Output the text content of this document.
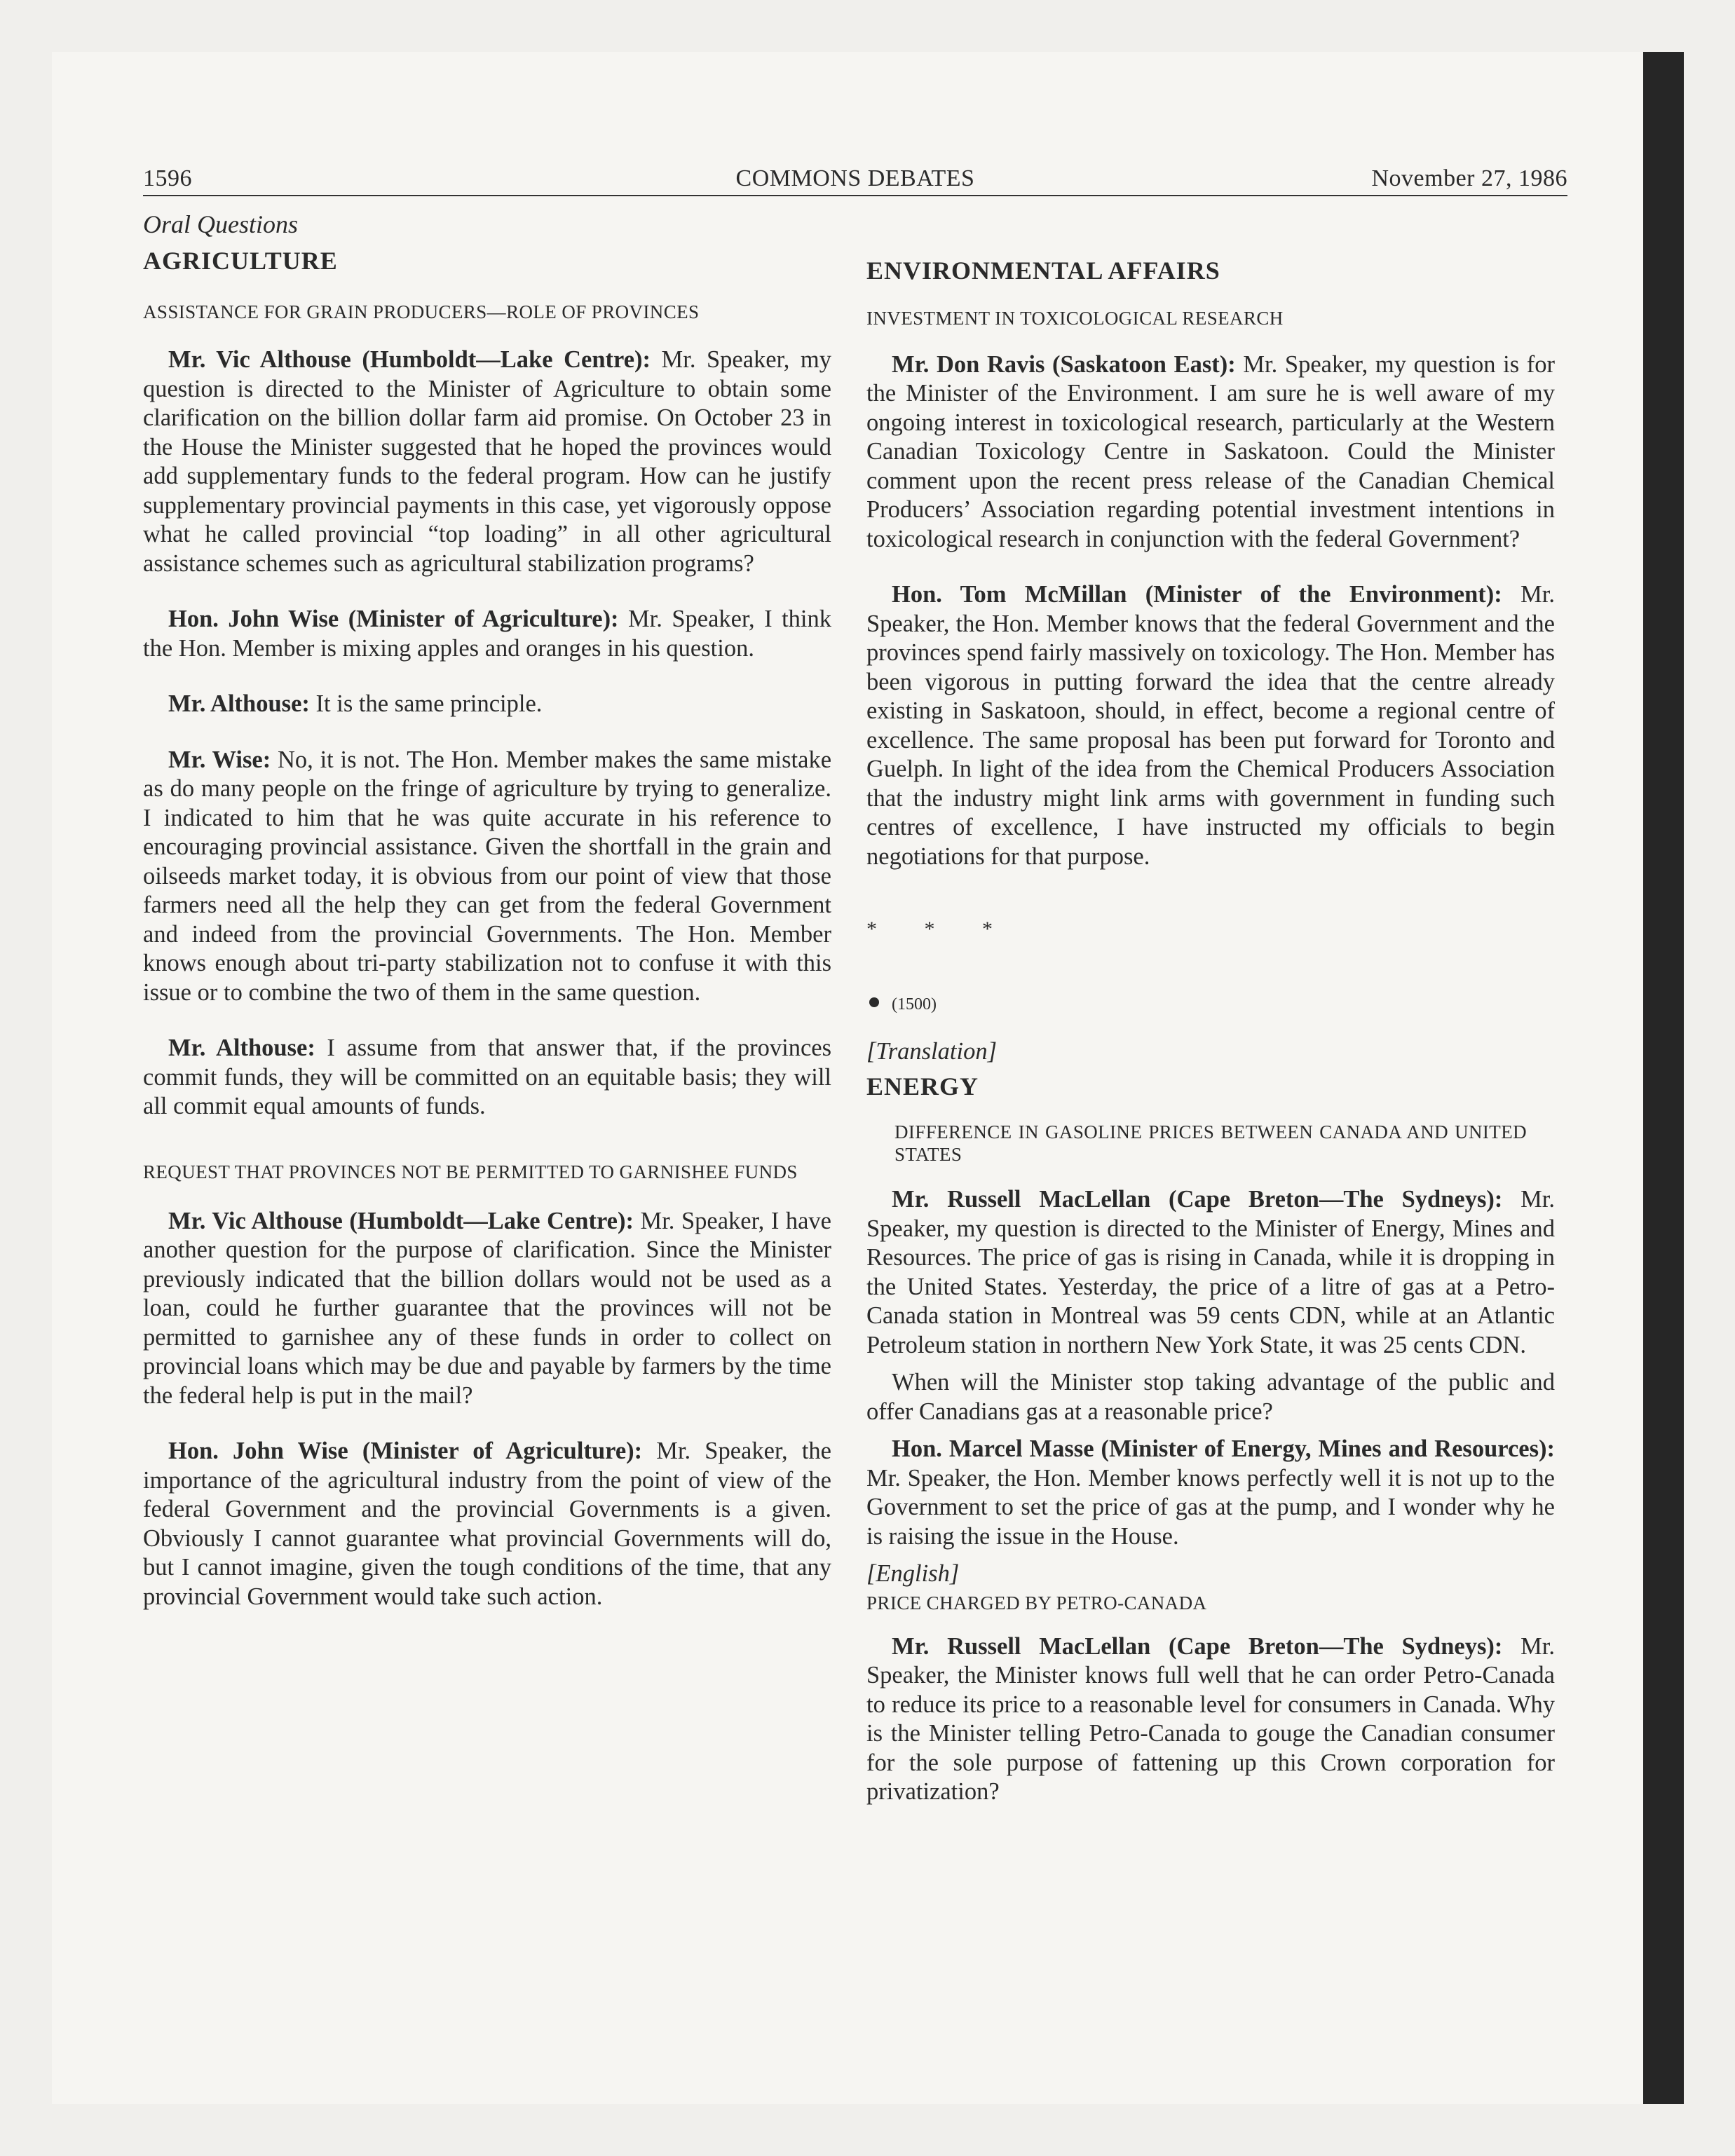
1596	COMMONS DEBATES	November 27, 1986

Oral Questions

AGRICULTURE

ASSISTANCE FOR GRAIN PRODUCERS—ROLE OF PROVINCES

Mr. Vic Althouse (Humboldt—Lake Centre): Mr. Speaker, my question is directed to the Minister of Agriculture to obtain some clarification on the billion dollar farm aid promise. On October 23 in the House the Minister suggested that he hoped the provinces would add supplementary funds to the federal program. How can he justify supplementary provincial payments in this case, yet vigorously oppose what he called provincial “top loading” in all other agricultural assistance schemes such as agricultural stabilization programs?

Hon. John Wise (Minister of Agriculture): Mr. Speaker, I think the Hon. Member is mixing apples and oranges in his question.

Mr. Althouse: It is the same principle.

Mr. Wise: No, it is not. The Hon. Member makes the same mistake as do many people on the fringe of agriculture by trying to generalize. I indicated to him that he was quite accurate in his reference to encouraging provincial assistance. Given the shortfall in the grain and oilseeds market today, it is obvious from our point of view that those farmers need all the help they can get from the federal Government and indeed from the provincial Governments. The Hon. Member knows enough about tri-party stabilization not to confuse it with this issue or to combine the two of them in the same question.

Mr. Althouse: I assume from that answer that, if the provinces commit funds, they will be committed on an equitable basis; they will all commit equal amounts of funds.

REQUEST THAT PROVINCES NOT BE PERMITTED TO GARNISHEE FUNDS

Mr. Vic Althouse (Humboldt—Lake Centre): Mr. Speaker, I have another question for the purpose of clarification. Since the Minister previously indicated that the billion dollars would not be used as a loan, could he further guarantee that the provinces will not be permitted to garnishee any of these funds in order to collect on provincial loans which may be due and payable by farmers by the time the federal help is put in the mail?

Hon. John Wise (Minister of Agriculture): Mr. Speaker, the importance of the agricultural industry from the point of view of the federal Government and the provincial Governments is a given. Obviously I cannot guarantee what provincial Governments will do, but I cannot imagine, given the tough conditions of the time, that any provincial Government would take such action.

ENVIRONMENTAL AFFAIRS

INVESTMENT IN TOXICOLOGICAL RESEARCH

Mr. Don Ravis (Saskatoon East): Mr. Speaker, my question is for the Minister of the Environment. I am sure he is well aware of my ongoing interest in toxicological research, particularly at the Western Canadian Toxicology Centre in Saskatoon. Could the Minister comment upon the recent press release of the Canadian Chemical Producers’ Association regarding potential investment intentions in toxicological research in conjunction with the federal Government?

Hon. Tom McMillan (Minister of the Environment): Mr. Speaker, the Hon. Member knows that the federal Government and the provinces spend fairly massively on toxicology. The Hon. Member has been vigorous in putting forward the idea that the centre already existing in Saskatoon, should, in effect, become a regional centre of excellence. The same proposal has been put forward for Toronto and Guelph. In light of the idea from the Chemical Producers Association that the industry might link arms with government in funding such centres of excellence, I have instructed my officials to begin negotiations for that purpose.

* * *

(1500)

[Translation]

ENERGY

DIFFERENCE IN GASOLINE PRICES BETWEEN CANADA AND UNITED STATES

Mr. Russell MacLellan (Cape Breton—The Sydneys): Mr. Speaker, my question is directed to the Minister of Energy, Mines and Resources. The price of gas is rising in Canada, while it is dropping in the United States. Yesterday, the price of a litre of gas at a Petro-Canada station in Montreal was 59 cents CDN, while at an Atlantic Petroleum station in northern New York State, it was 25 cents CDN.

When will the Minister stop taking advantage of the public and offer Canadians gas at a reasonable price?

Hon. Marcel Masse (Minister of Energy, Mines and Resources): Mr. Speaker, the Hon. Member knows perfectly well it is not up to the Government to set the price of gas at the pump, and I wonder why he is raising the issue in the House.

[English]

PRICE CHARGED BY PETRO-CANADA

Mr. Russell MacLellan (Cape Breton—The Sydneys): Mr. Speaker, the Minister knows full well that he can order Petro-Canada to reduce its price to a reasonable level for consumers in Canada. Why is the Minister telling Petro-Canada to gouge the Canadian consumer for the sole purpose of fattening up this Crown corporation for privatization?
